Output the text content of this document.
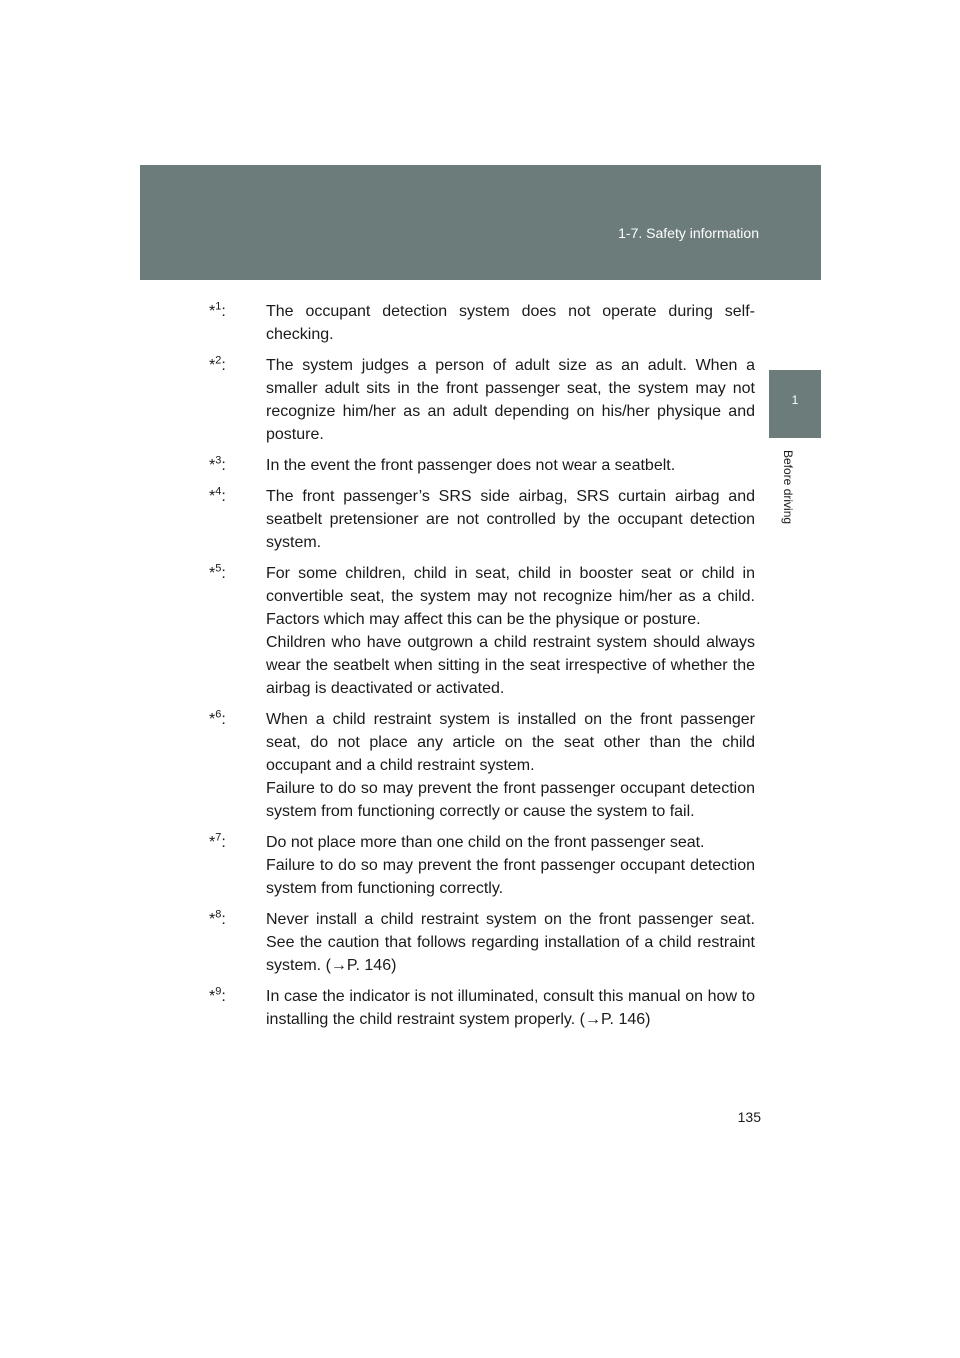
1-7. Safety information
1
Before driving
*$^1$:	The occupant detection system does not operate during self-checking.
*$^2$:	The system judges a person of adult size as an adult. When a smaller adult sits in the front passenger seat, the system may not recognize him/her as an adult depending on his/her physique and posture.
*$^3$:	In the event the front passenger does not wear a seatbelt.
*$^4$:	The front passenger’s SRS side airbag, SRS curtain airbag and seatbelt pretensioner are not controlled by the occupant detection system.
*$^5$:	For some children, child in seat, child in booster seat or child in convertible seat, the system may not recognize him/her as a child. Factors which may affect this can be the physique or posture.
Children who have outgrown a child restraint system should always wear the seatbelt when sitting in the seat irrespective of whether the airbag is deactivated or activated.
*$^6$:	When a child restraint system is installed on the front passenger seat, do not place any article on the seat other than the child occupant and a child restraint system.
Failure to do so may prevent the front passenger occupant detection system from functioning correctly or cause the system to fail.
*$^7$:	Do not place more than one child on the front passenger seat.
Failure to do so may prevent the front passenger occupant detection system from functioning correctly.
*$^8$:	Never install a child restraint system on the front passenger seat. See the caution that follows regarding installation of a child restraint system. (→P. 146)
*$^9$:	In case the indicator is not illuminated, consult this manual on how to installing the child restraint system properly. (→P. 146)
135
